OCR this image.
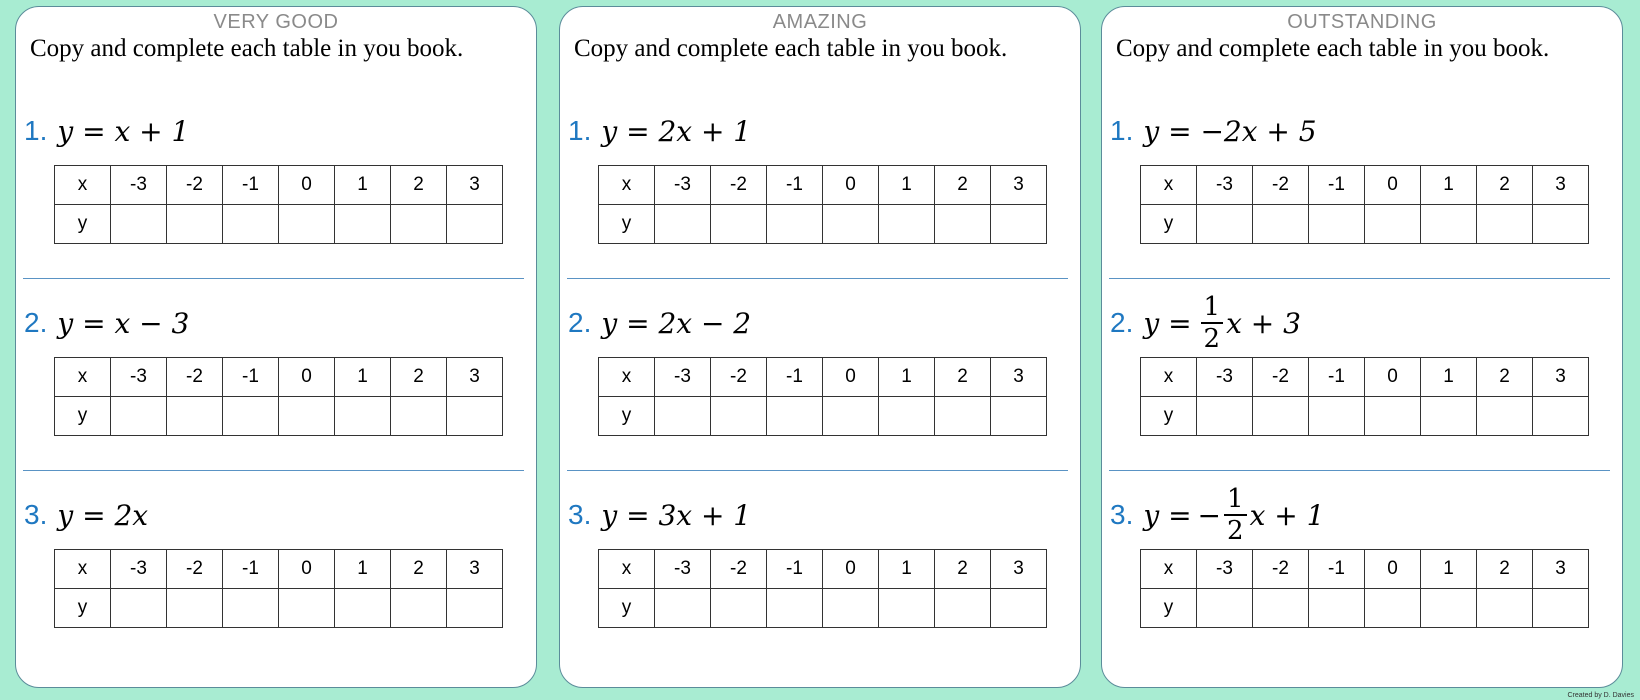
VERY GOOD
Copy and complete each table in you book.
1. y = x + 1
x	-3	-2	-1	0	1	2	3
y							
2. y = x − 3
x	-3	-2	-1	0	1	2	3
y							
3. y = 2x
x	-3	-2	-1	0	1	2	3
y							
AMAZING
Copy and complete each table in you book.
1. y = 2x + 1
x	-3	-2	-1	0	1	2	3
y							
2. y = 2x − 2
x	-3	-2	-1	0	1	2	3
y							
3. y = 3x + 1
x	-3	-2	-1	0	1	2	3
y							
OUTSTANDING
Copy and complete each table in you book.
1. y = −2x + 5
x	-3	-2	-1	0	1	2	3
y							
2. $y = \frac{1}{2}$ x + 3
x	-3	-2	-1	0	1	2	3
y							
3. y = − $\frac{1}{2}$ x + 1
x	-3	-2	-1	0	1	2	3
y							
Created by D. Davies
